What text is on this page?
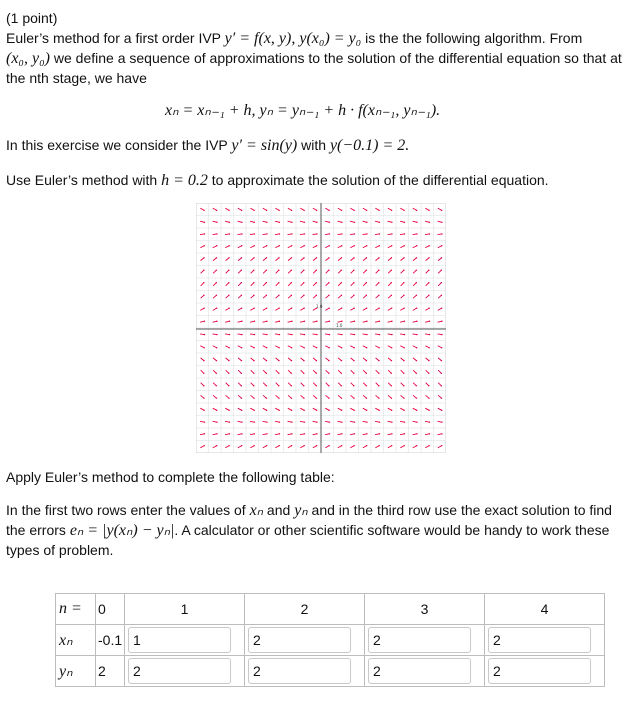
(1 point)
Euler’s method for a first order IVP y′ = f(x, y), y(x₀) = y₀ is the the following algorithm. From
(x₀, y₀) we define a sequence of approximations to the solution of the differential equation so that at
the nth stage, we have
xₙ = xₙ₋₁ + h, yₙ = yₙ₋₁ + h · f(xₙ₋₁, yₙ₋₁).
In this exercise we consider the IVP y′ = sin(y) with y(−0.1) = 2.
Use Euler’s method with h = 0.2 to approximate the solution of the differential equation.
1.0
1.0
Apply Euler’s method to complete the following table:
In the first two rows enter the values of xₙ and yₙ and in the third row use the exact solution to find
the errors eₙ = |y(xₙ) − yₙ|. A calculator or other scientific software would be handy to work these
types of problem.
n =	0	1	2	3	4
xₙ	-0.1	1	2	2	2
yₙ	2	2	2	2	2
